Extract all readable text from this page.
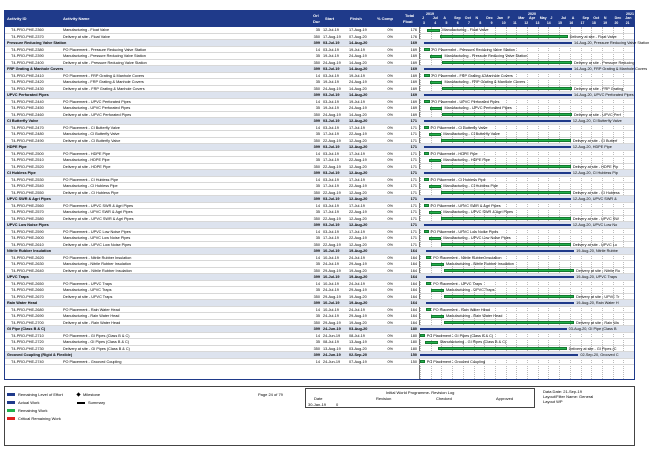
Activity ID	Activity Name
Orl
Dur
Start	Finish	% Comp
Total
Float
2019	2020	2021
J Jul A Sep Oct N Dec Jan F Mar Apr May J Jul A Sep Oct N Dec Jan
3	4	5	6	7	8	9	10 11 12 13 14 15 16 17 18 19 20 21
T4-PRO-PHE-2360	Manufacturing - Float Valve	35 12-Jul-19	17-Aug-19	0%	176	Manufacturing - Float Valve
T4-PRO-PHE-2370	Delivery at site - Float Valve	350 17-Aug-19 07-Aug-20	0%	176	Delivery at site - Float Valve
Pressure Reducing Valve Station	399 03-Jul-19	14-Aug-20	169	14-Aug-20, Pressure Reducing Valve Station
T4-PRO-PHE-2380	PO Placement - Pressure Reducing Valve Station	14 03-Jul-19	19-Jul-19	0%	169	PO Placement - Pressure Reducing Valve Station
T4-PRO-PHE-2390	Manufacturing - Pressure Reducing Valve Station	35 19-Jul-19	24-Aug-19	0%	169	Manufacturing - Pressure Reducing Valve Station
T4-PRO-PHE-2400	Delivery at site - Pressure Reducing Valve Station	350 24-Aug-19 14-Aug-20	0%	169	Delivery at site - Pressure Reducing
FRP Grating & Manhole Covers	399 03-Jul-19	14-Aug-20	169	14-Aug-20, FRP Grating & Manhole Covers
T4-PRO-PHE-2410	PO Placement - FRP Grating & Manhole Covers	14 03-Jul-19	19-Jul-19	0%	169	PO Placement - FRP Grating & Manhole Covers
T4-PRO-PHE-2420	Manufacturing - FRP Grating & Manhole Covers	35 19-Jul-19	24-Aug-19	0%	169	Manufacturing - FRP Grating & Manhole Covers
T4-PRO-PHE-2430	Delivery at site - FRP Grating & Manhole Covers	350 24-Aug-19 14-Aug-20	0%	169	Delivery at site - FRP Grating
UPVC Perforated Pipes	399 03-Jul-19	14-Aug-20	169	14-Aug-20, UPVC Perforated Pipes
T4-PRO-PHE-2440	PO Placement - UPVC Perforated Pipes	14 03-Jul-19	19-Jul-19	0%	169	PO Placement - UPVC Perforated Pipes
T4-PRO-PHE-2450	Manufacturing - UPVC Perforated Pipes	35 19-Jul-19	24-Aug-19	0%	169	Manufacturing - UPVC Perforated Pipes
T4-PRO-PHE-2460	Delivery at site - UPVC Perforated Pipes	350 24-Aug-19 14-Aug-20	0%	169	Delivery at site - UPVC Perf
CI Butterfly Valve	399 03-Jul-19	12-Aug-20	171	12-Aug-20, CI Butterfly Valve
T4-PRO-PHE-2470	PO Placement - CI Butterfly Valve	14 03-Jul-19	17-Jul-19	0%	171	PO Placement - CI Butterfly Valve
T4-PRO-PHE-2480	Manufacturing - CI Butterfly Valve	35 17-Jul-19	22-Aug-19	0%	171	Manufacturing - CI Butterfly Valve
T4-PRO-PHE-2490	Delivery at site - CI Butterfly Valve	350 22-Aug-19 12-Aug-20	0%	171	Delivery at site - CI Butterf
HDPE Pipe	399 03-Jul-19	12-Aug-20	171	12-Aug-20, HDPE Pipe
T4-PRO-PHE-2500	PO Placement - HDPE Pipe	14 03-Jul-19	17-Jul-19	0%	171	PO Placement - HDPE Pipe
T4-PRO-PHE-2510	Manufacturing - HDPE Pipe	35 17-Jul-19	22-Aug-19	0%	171	Manufacturing - HDPE Pipe
T4-PRO-PHE-2520	Delivery at site - HDPE Pipe	350 22-Aug-19 12-Aug-20	0%	171	Delivery at site - HDPE Pip
CI Hubless Pipe	399 03-Jul-19	12-Aug-20	171	12-Aug-20, CI Hubless Pip
T4-PRO-PHE-2530	PO Placement - CI Hubless Pipe	14 03-Jul-19	17-Jul-19	0%	171	PO Placement - CI Hubless Pipe
T4-PRO-PHE-2540	Manufacturing - CI Hubless Pipe	35 17-Jul-19	22-Aug-19	0%	171	Manufacturing - CI Hubless Pipe
T4-PRO-PHE-2550	Delivery at site - CI Hubless Pipe	350 22-Aug-19 12-Aug-20	0%	171	Delivery at site - CI Hubless
UPVC SWR & Agri Pipes	399 03-Jul-19	12-Aug-20	171	12-Aug-20, UPVC SWR &
T4-PRO-PHE-2560	PO Placement - UPVC SWR & Agri Pipes	14 03-Jul-19	17-Jul-19	0%	171	PO Placement - UPVC SWR & Agri Pipes
T4-PRO-PHE-2570	Manufacturing - UPVC SWR & Agri Pipes	35 17-Jul-19	22-Aug-19	0%	171	Manufacturing - UPVC SWR & Agri Pipes
T4-PRO-PHE-2580	Delivery at site - UPVC SWR & Agri Pipes	350 22-Aug-19 12-Aug-20	0%	171	Delivery at site - UPVC SW
UPVC Low Noise Pipes	399 03-Jul-19	12-Aug-20	171	12-Aug-20, UPVC Low No
T4-PRO-PHE-2590	PO Placement - UPVC Low Noise Pipes	14 03-Jul-19	17-Jul-19	0%	171	PO Placement - UPVC Low Noise Pipes
T4-PRO-PHE-2600	Manufacturing - UPVC Low Noise Pipes	35 17-Jul-19	22-Aug-19	0%	171	Manufacturing - UPVC Low Noise Pipes
T4-PRO-PHE-2610	Delivery at site - UPVC Low Noise Pipes	350 22-Aug-19 12-Aug-20	0%	171	Delivery at site - UPVC Lo
Nitrile Rubber Insulation	399 10-Jul-19	19-Aug-20	164	19-Aug-20, Nitrile Rubbe
T4-PRO-PHE-2620	PO Placement - Nitrile Rubber Insulation	14 10-Jul-19	24-Jul-19	0%	164	PO Placement - Nitrile Rubber Insulation
T4-PRO-PHE-2630	Manufacturing - Nitrile Rubber Insulation	35 24-Jul-19	29-Aug-19	0%	164	Manufacturing - Nitrile Rubber Insulation
T4-PRO-PHE-2640	Delivery at site - Nitrile Rubber Insulation	350 29-Aug-19 19-Aug-20	0%	164	Delivery at site - Nitrile Ru
UPVC Traps	399 10-Jul-19	19-Aug-20	164	19-Aug-20, UPVC Traps
T4-PRO-PHE-2650	PO Placement - UPVC Traps	14 10-Jul-19	24-Jul-19	0%	164	PO Placement - UPVC Traps
T4-PRO-PHE-2660	Manufacturing - UPVC Traps	35 24-Jul-19	29-Aug-19	0%	164	Manufacturing - UPVC Traps
T4-PRO-PHE-2670	Delivery at site - UPVC Traps	350 29-Aug-19 19-Aug-20	0%	164	Delivery at site - UPVC Tr
Rain Water Head	399 10-Jul-19	19-Aug-20	164	19-Aug-20, Rain Water H
T4-PRO-PHE-2680	PO Placement - Rain Water Head	14 10-Jul-19	24-Jul-19	0%	164	PO Placement - Rain Water Head
T4-PRO-PHE-2690	Manufacturing - Rain Water Head	35 24-Jul-19	29-Aug-19	0%	164	Manufacturing - Rain Water Head
T4-PRO-PHE-2700	Delivery at site - Rain Water Head	350 29-Aug-19 19-Aug-20	0%	164	Delivery at site - Rain Wa
GI Pipe (Class B & C)	399 24-Jun-19 03-Aug-20	180	03-Aug-20, GI Pipe (Class B
T4-PRO-PHE-2710	PO Placement - GI Pipes (Class B & C)	14 24-Jun-19 08-Jul-19	0%	180	PO Placement - GI Pipes (Class B & C)
T4-PRO-PHE-2720	Manufacturing - GI Pipes (Class B & C)	35 08-Jul-19	13-Aug-19	0%	180	Manufacturing - GI Pipes (Class B & C)
T4-PRO-PHE-2730	Delivery at site - GI Pipes (Class B & C)	350 13-Aug-19 03-Aug-20	0%	180	Delivery at site - GI Pipes (C
Grooved Coupling (Rigid & Flexible)	399 24-Jun-19 02-Sep-20	150	02-Sep-20, Grooved C
T4-PRO-PHE-2740	PO Placement - Grooved Coupling	14 24-Jun-19 07-Aug-19	0%	150	PO Placement - Grooved Coupling
Remaining Level of Effort
Actual Work
Remaining Work
Critical Remaining Work
Milestone
Summary
Page 24 of 79	Initial World Programme- Revision Log
Date	Revision	Checked	Approved
30-Jan-19 0
Data Date: 21-Sep-19
Layout/Filter Name: General
Layout WP
